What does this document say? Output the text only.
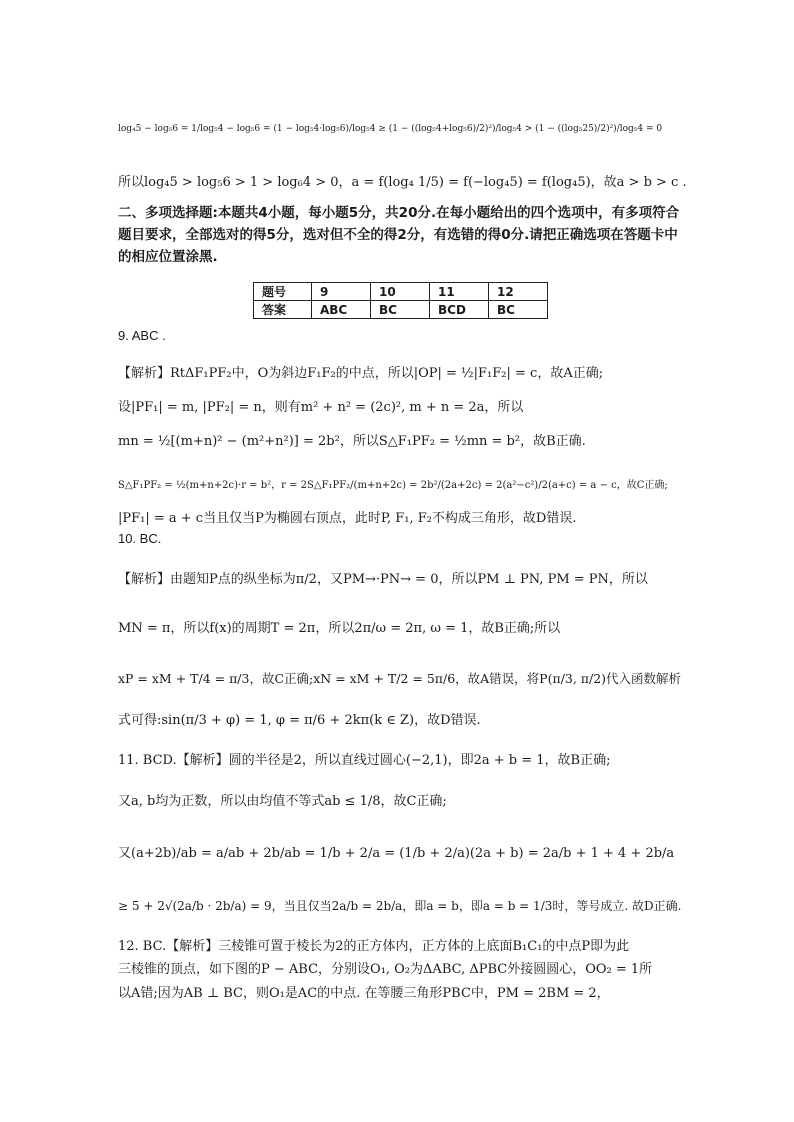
log₄5 − log₅6 = 1/log₅4 − log₅6 = (1 − log₅4·log₅6)/log₅4 ≥ (1 − ((log₅4+log₅6)/2)²)/log₅4 > (1 − ((log₅25)/2)²)/log₅4 = 0
所以log₄5 > log₅6 > 1 > log₆4 > 0，a = f(log₄ 1/5) = f(−log₄5) = f(log₄5)，故a > b > c .
二、多项选择题:本题共4小题，每小题5分，共20分.在每小题给出的四个选项中，有多项符合题目要求，全部选对的得5分，选对但不全的得2分，有选错的得0分.请把正确选项在答题卡中的相应位置涂黑.
题号	9	10	11	12
答案	ABC	BC	BCD	BC
9. ABC .
【解析】RtΔF₁PF₂中，O为斜边F₁F₂的中点，所以|OP| = ½|F₁F₂| = c，故A正确;
设|PF₁| = m, |PF₂| = n，则有m² + n² = (2c)², m + n = 2a，所以
mn = ½[(m+n)² − (m²+n²)] = 2b²，所以S△F₁PF₂ = ½mn = b²，故B正确.
S△F₁PF₂ = ½(m+n+2c)·r = b²，r = 2S△F₁PF₂/(m+n+2c) = 2b²/(2a+2c) = 2(a²−c²)/2(a+c) = a − c，故C正确;
|PF₁| = a + c当且仅当P为椭圆右顶点，此时P, F₁, F₂不构成三角形，故D错误.
10. BC.
【解析】由题知P点的纵坐标为π/2，又PM→·PN→ = 0，所以PM ⊥ PN, PM = PN，所以
MN = π，所以f(x)的周期T = 2π，所以2π/ω = 2π, ω = 1，故B正确;所以
xP = xM + T/4 = π/3，故C正确;xN = xM + T/2 = 5π/6，故A错误，将P(π/3, π/2)代入函数解析
式可得:sin(π/3 + φ) = 1, φ = π/6 + 2kπ(k ∈ Z)，故D错误.
11. BCD.【解析】圆的半径是2，所以直线过圆心(−2,1)，即2a + b = 1，故B正确;
又a, b均为正数，所以由均值不等式ab ≤ 1/8，故C正确;
又(a+2b)/ab = a/ab + 2b/ab = 1/b + 2/a = (1/b + 2/a)(2a + b) = 2a/b + 1 + 4 + 2b/a
≥ 5 + 2√(2a/b · 2b/a) = 9，当且仅当2a/b = 2b/a，即a = b，即a = b = 1/3时，等号成立. 故D正确.
12. BC.【解析】三棱锥可置于棱长为2的正方体内，正方体的上底面B₁C₁的中点P即为此
三棱锥的顶点，如下图的P − ABC，分别设O₁, O₂为ΔABC, ΔPBC外接圆圆心，OO₂ = 1所
以A错;因为AB ⊥ BC，则O₁是AC的中点. 在等腰三角形PBC中，PM = 2BM = 2，
